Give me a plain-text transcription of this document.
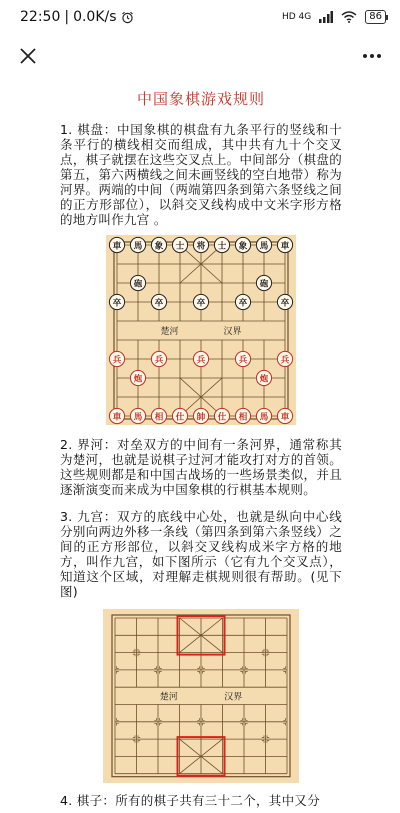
22:50 | 0.0K/s	HD 4G	86
中国象棋游戏规则

1. 棋盘：中国象棋的棋盘有九条平行的竖线和十条平行的横线相交而组成，其中共有九十个交叉点，棋子就摆在这些交叉点上。中间部分（棋盘的第五，第六两横线之间未画竖线的空白地带）称为河界。两端的中间（两端第四条到第六条竖线之间的正方形部位），以斜交叉线构成中文米字形方格的地方叫作九宫 。

楚河	汉界
車 馬 象 士 将 士 象 馬 車
砲	砲
卒	卒	卒	卒	卒
兵	兵	兵	兵	兵
炮	炮
車 馬 相 仕 帥 仕 相 馬 車

2. 界河：对垒双方的中间有一条河界，通常称其为楚河，也就是说棋子过河才能攻打对方的首领。这些规则都是和中国古战场的一些场景类似，并且逐渐演变而来成为中国象棋的行棋基本规则。

3. 九宫：双方的底线中心处，也就是纵向中心线分别向两边外移一条线（第四条到第六条竖线）之间的正方形部位，以斜交叉线构成米字方格的地方，叫作九宫，如下图所示（它有九个交叉点），知道这个区域，对理解走棋规则很有帮助。(见下图)

楚河	汉界

4. 棋子：所有的棋子共有三十二个，其中又分
